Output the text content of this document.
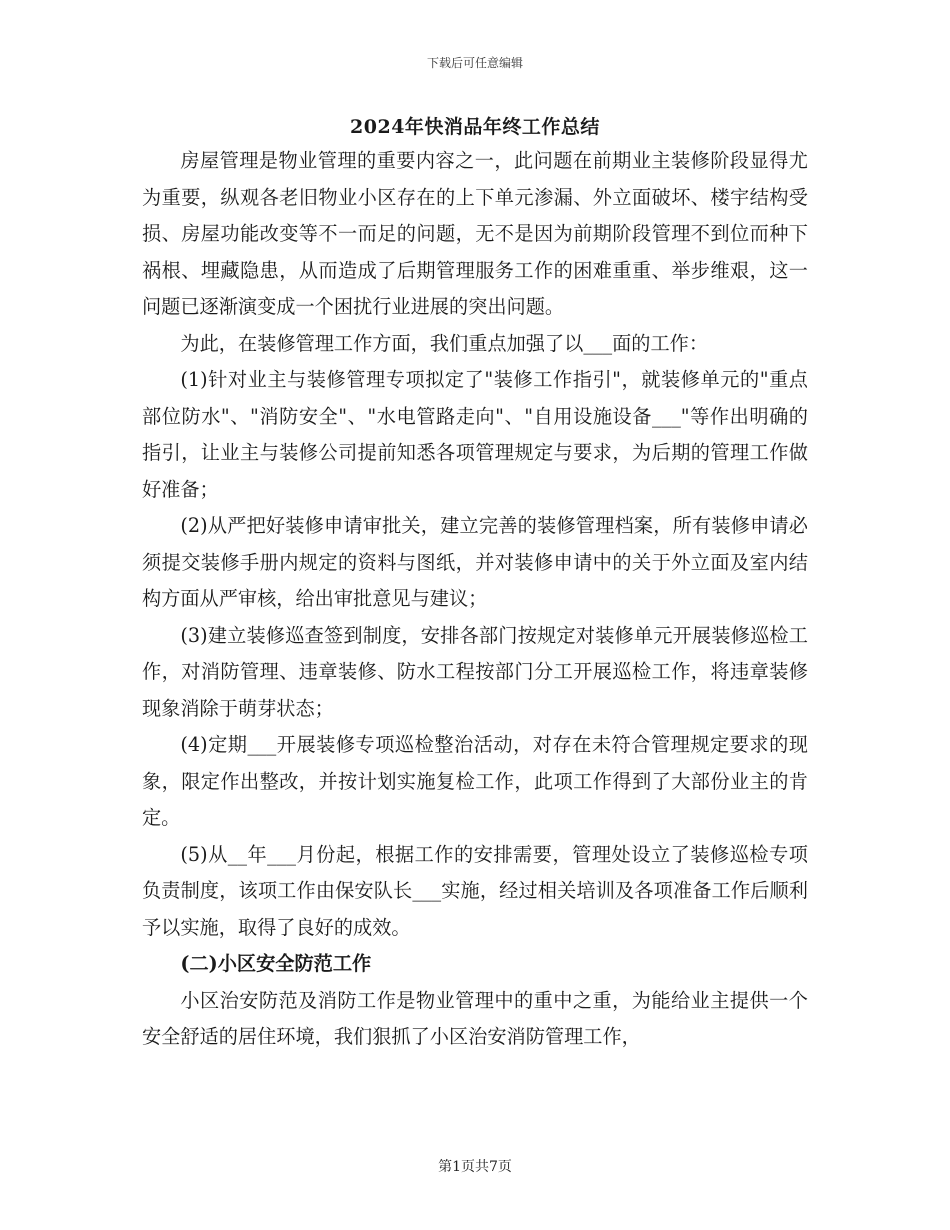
下载后可任意编辑
2024年快消品年终工作总结

房屋管理是物业管理的重要内容之一，此问题在前期业主装修阶段显得尤为重要，纵观各老旧物业小区存在的上下单元渗漏、外立面破坏、楼宇结构受损、房屋功能改变等不一而足的问题，无不是因为前期阶段管理不到位而种下祸根、埋藏隐患，从而造成了后期管理服务工作的困难重重、举步维艰，这一问题已逐渐演变成一个困扰行业进展的突出问题。

为此，在装修管理工作方面，我们重点加强了以___面的工作：

(1)针对业主与装修管理专项拟定了"装修工作指引"，就装修单元的"重点部位防水"、"消防安全"、"水电管路走向"、"自用设施设备___"等作出明确的指引，让业主与装修公司提前知悉各项管理规定与要求，为后期的管理工作做好准备；

(2)从严把好装修申请审批关，建立完善的装修管理档案，所有装修申请必须提交装修手册内规定的资料与图纸，并对装修申请中的关于外立面及室内结构方面从严审核，给出审批意见与建议；

(3)建立装修巡查签到制度，安排各部门按规定对装修单元开展装修巡检工作，对消防管理、违章装修、防水工程按部门分工开展巡检工作，将违章装修现象消除于萌芽状态；

(4)定期___开展装修专项巡检整治活动，对存在未符合管理规定要求的现象，限定作出整改，并按计划实施复检工作，此项工作得到了大部份业主的肯定。

(5)从__年___月份起，根据工作的安排需要，管理处设立了装修巡检专项负责制度，该项工作由保安队长___实施，经过相关培训及各项准备工作后顺利予以实施，取得了良好的成效。

(二)小区安全防范工作

小区治安防范及消防工作是物业管理中的重中之重，为能给业主提供一个安全舒适的居住环境，我们狠抓了小区治安消防管理工作，

第1页共7页
